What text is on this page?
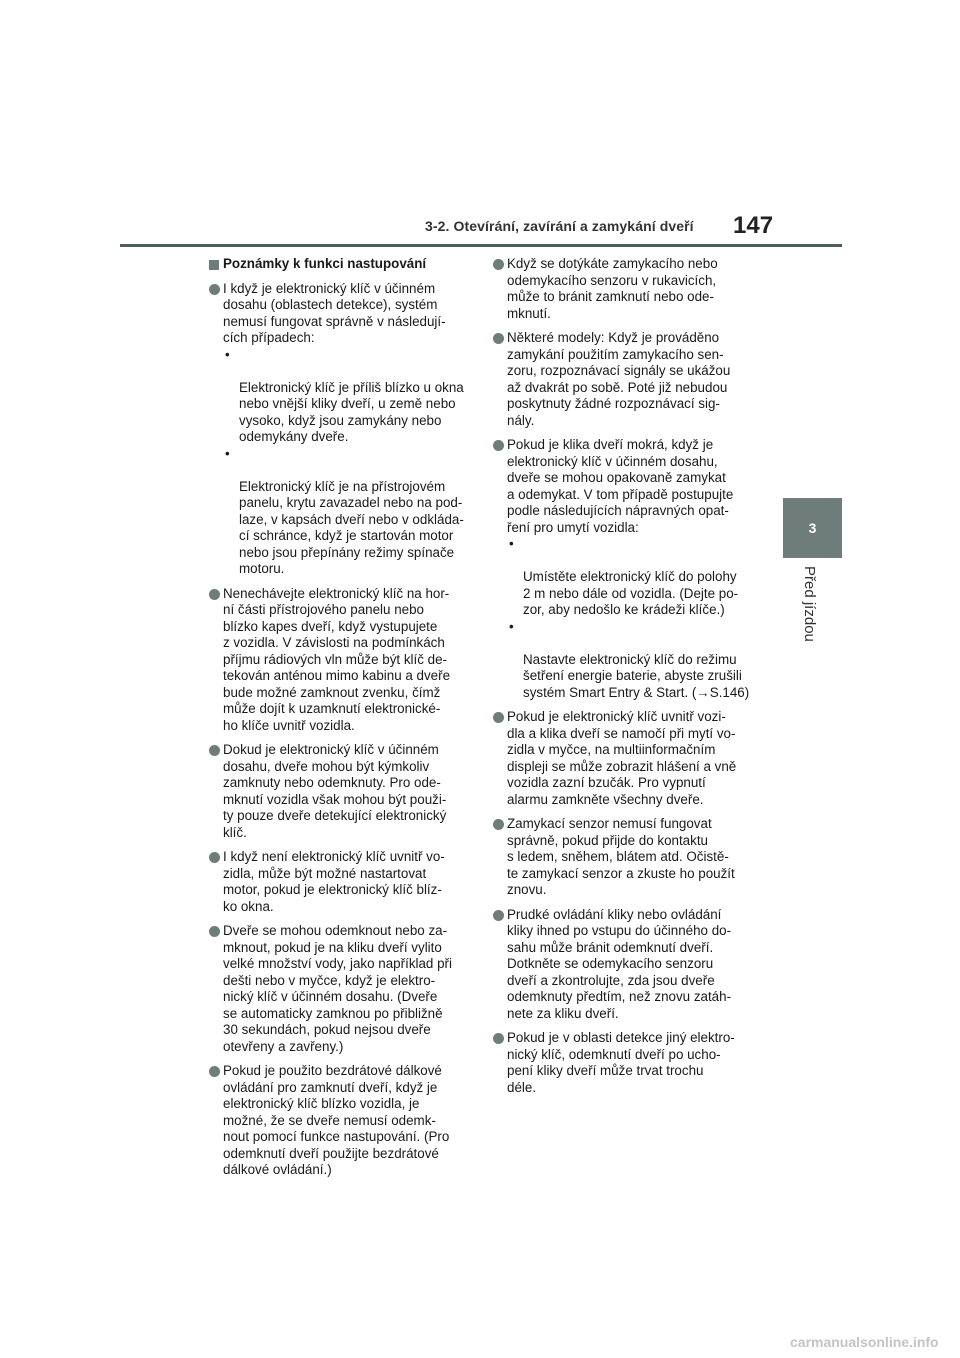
3-2. Otevírání, zavírání a zamykání dveří 147
3
Před jízdou
Poznámky k funkci nastupování
I když je elektronický klíč v účinném
dosahu (oblastech detekce), systém
nemusí fungovat správně v následují-
cích případech:

•

Elektronický klíč je příliš blízko u okna
nebo vnější kliky dveří, u země nebo
vysoko, když jsou zamykány nebo
odemykány dveře.

•

Elektronický klíč je na přístrojovém
panelu, krytu zavazadel nebo na pod-
laze, v kapsách dveří nebo v odkláda-
cí schránce, když je startován motor
nebo jsou přepínány režimy spínače
motoru.

Nenechávejte elektronický klíč na hor-
ní části přístrojového panelu nebo
blízko kapes dveří, když vystupujete
z vozidla. V závislosti na podmínkách
příjmu rádiových vln může být klíč de-
tekován anténou mimo kabinu a dveře
bude možné zamknout zvenku, čímž
může dojít k uzamknutí elektronické-
ho klíče uvnitř vozidla.
Dokud je elektronický klíč v účinném
dosahu, dveře mohou být kýmkoliv
zamknuty nebo odemknuty. Pro ode-
mknutí vozidla však mohou být použi-
ty pouze dveře detekující elektronický
klíč.
I když není elektronický klíč uvnitř vo-
zidla, může být možné nastartovat
motor, pokud je elektronický klíč blíz-
ko okna.
Dveře se mohou odemknout nebo za-
mknout, pokud je na kliku dveří vylito
velké množství vody, jako například při
dešti nebo v myčce, když je elektro-
nický klíč v účinném dosahu. (Dveře
se automaticky zamknou po přibližně
30 sekundách, pokud nejsou dveře
otevřeny a zavřeny.)
Pokud je použito bezdrátové dálkové
ovládání pro zamknutí dveří, když je
elektronický klíč blízko vozidla, je
možné, že se dveře nemusí odemk-
nout pomocí funkce nastupování. (Pro
odemknutí dveří použijte bezdrátové
dálkové ovládání.)
Když se dotýkáte zamykacího nebo
odemykacího senzoru v rukavicích,
může to bránit zamknutí nebo ode-
mknutí.
Některé modely: Když je prováděno
zamykání použitím zamykacího sen-
zoru, rozpoznávací signály se ukážou
až dvakrát po sobě. Poté již nebudou
poskytnuty žádné rozpoznávací sig-
nály.
Pokud je klika dveří mokrá, když je
elektronický klíč v účinném dosahu,
dveře se mohou opakovaně zamykat
a odemykat. V tom případě postupujte
podle následujících nápravných opat-
ření pro umytí vozidla:

•

Umístěte elektronický klíč do polohy
2 m nebo dále od vozidla. (Dejte po-
zor, aby nedošlo ke krádeži klíče.)

•

Nastavte elektronický klíč do režimu
šetření energie baterie, abyste zrušili
systém Smart Entry & Start. (→S.146)

Pokud je elektronický klíč uvnitř vozi-
dla a klika dveří se namočí při mytí vo-
zidla v myčce, na multiinformačním
displeji se může zobrazit hlášení a vně
vozidla zazní bzučák. Pro vypnutí
alarmu zamkněte všechny dveře.
Zamykací senzor nemusí fungovat
správně, pokud přijde do kontaktu
s ledem, sněhem, blátem atd. Očistě-
te zamykací senzor a zkuste ho použít
znovu.
Prudké ovládání kliky nebo ovládání
kliky ihned po vstupu do účinného do-
sahu může bránit odemknutí dveří.
Dotkněte se odemykacího senzoru
dveří a zkontrolujte, zda jsou dveře
odemknuty předtím, než znovu zatáh-
nete za kliku dveří.
Pokud je v oblasti detekce jiný elektro-
nický klíč, odemknutí dveří po ucho-
pení kliky dveří může trvat trochu
déle.
carmanualsonline.info
